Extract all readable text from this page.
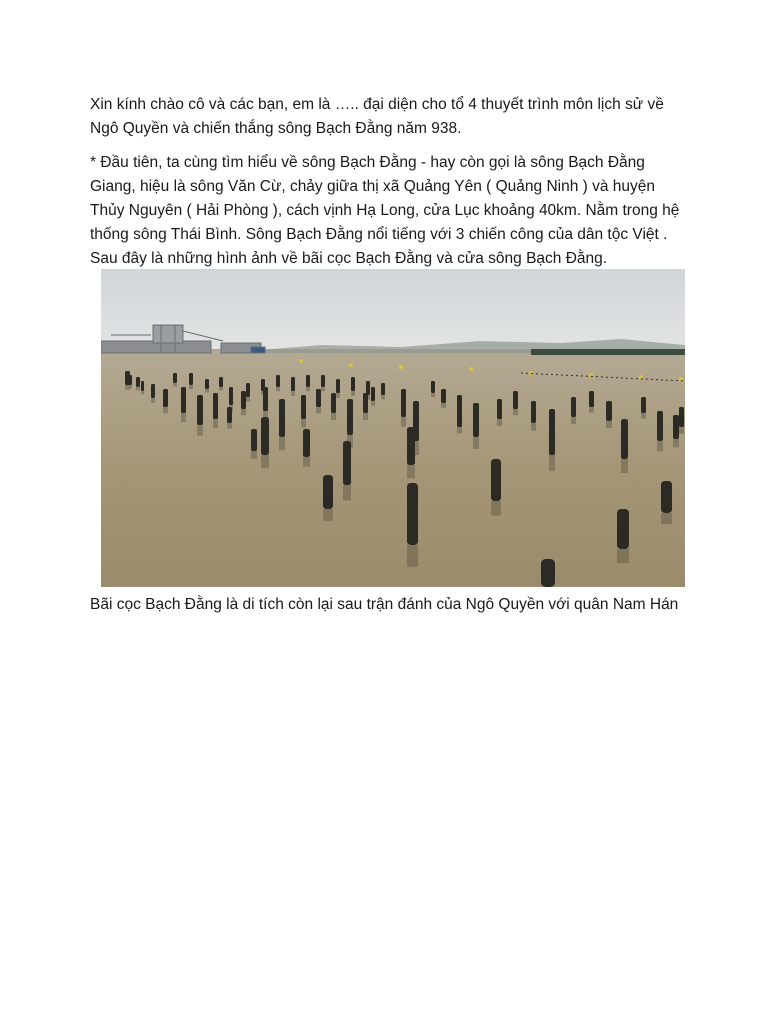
Xin kính chào cô và các bạn, em là ….. đại diện cho tổ 4 thuyết trình môn lịch sử về Ngô Quyền và chiến thắng sông Bạch Đằng năm 938.

* Đầu tiên, ta cùng tìm hiểu về sông Bạch Đằng - hay còn gọi là sông Bạch Đằng Giang, hiệu là sông Văn Cừ, chảy giữa thị xã Quảng Yên ( Quảng Ninh ) và huyện Thủy Nguyên ( Hải Phòng ), cách vịnh Hạ Long, cửa Lục khoảng 40km. Nằm trong hệ thống sông Thái Bình. Sông Bạch Đằng nổi tiếng với 3 chiến công của dân tộc Việt . Sau đây là những hình ảnh về bãi cọc Bạch Đằng và cửa sông Bạch Đằng.

Bãi cọc Bạch Đằng là di tích còn lại sau trận đánh của Ngô Quyền với quân Nam Hán
